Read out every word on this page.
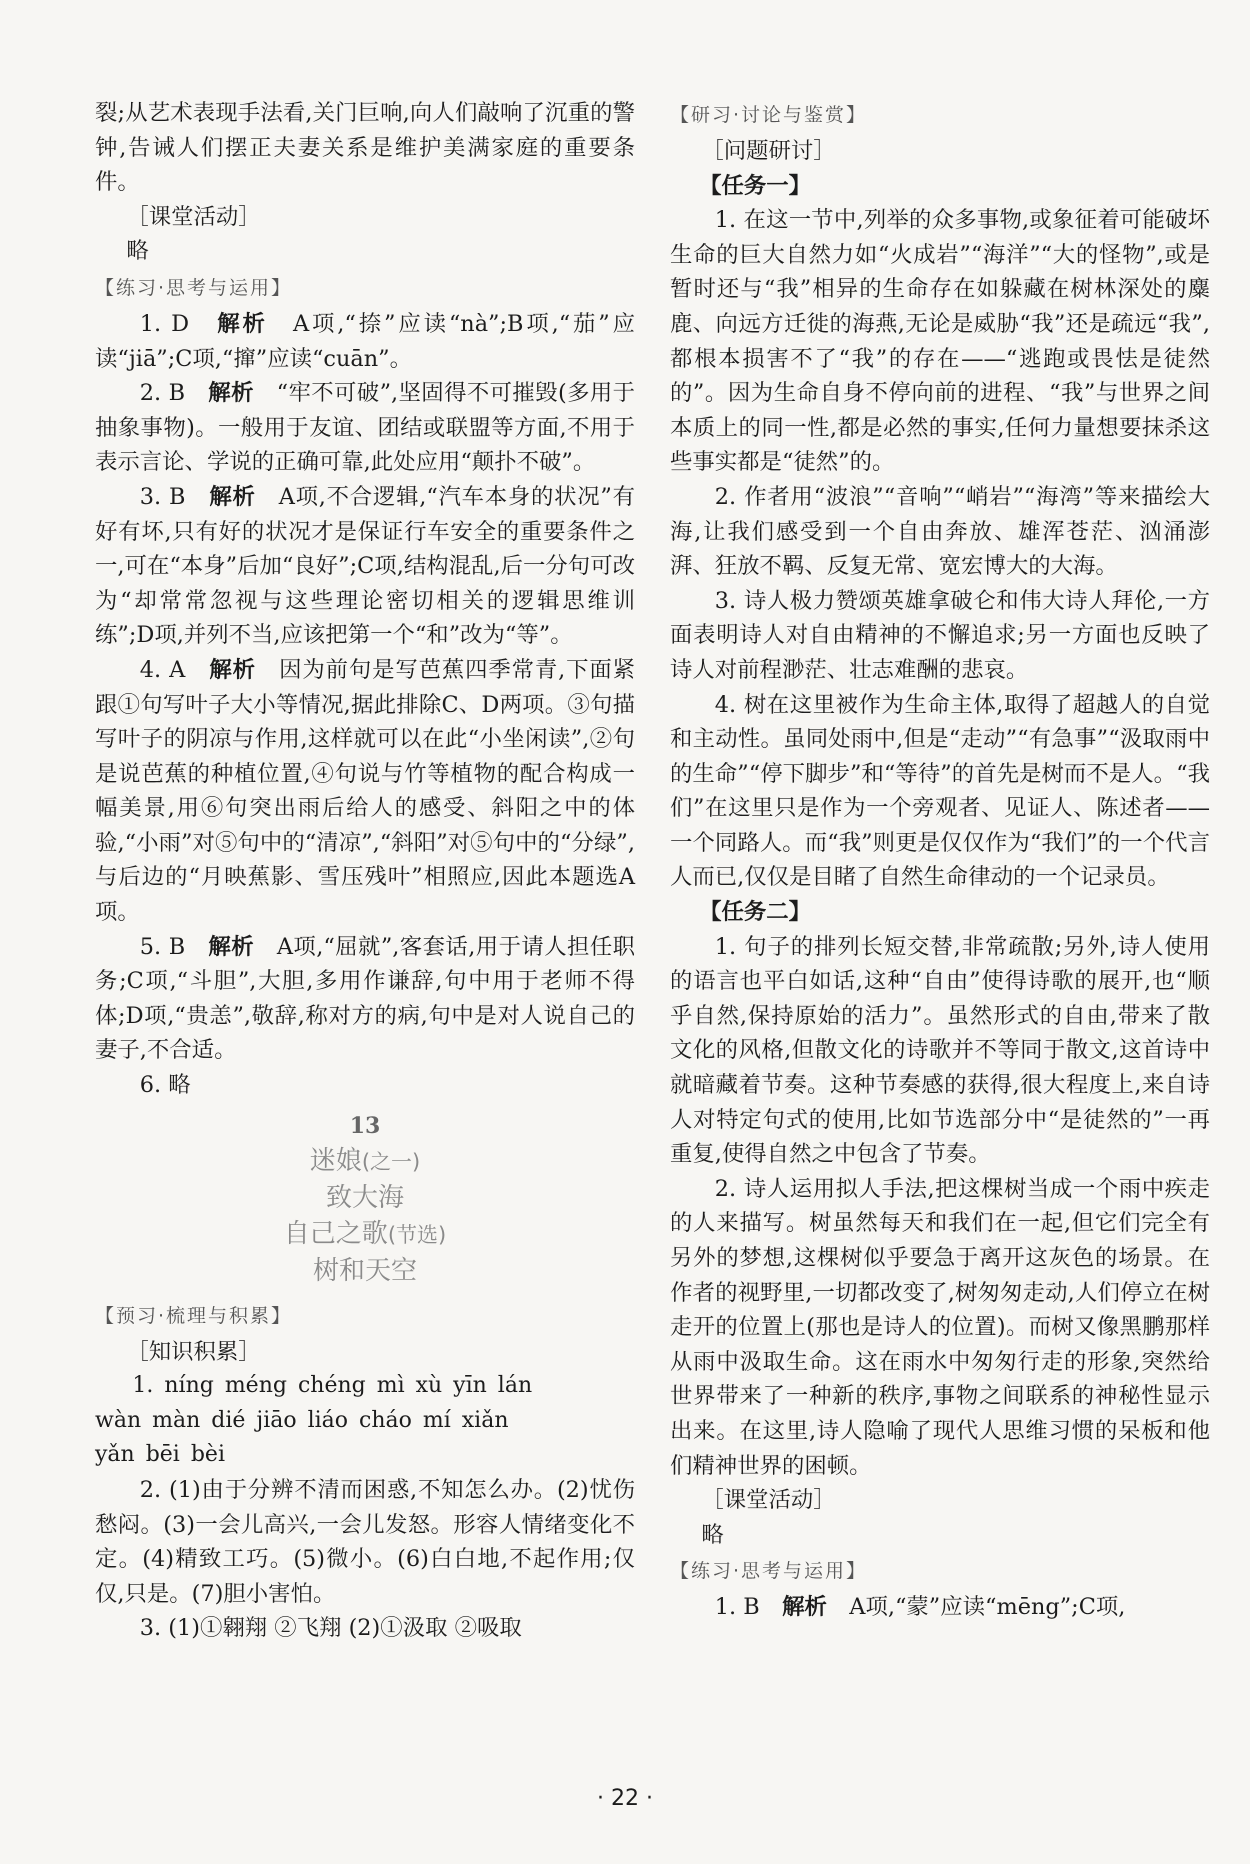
裂;从艺术表现手法看,关门巨响,向人们敲响了沉重的警钟,告诫人们摆正夫妻关系是维护美满家庭的重要条件。

［课堂活动］
略
【练习·思考与运用】

1. D　 解析　 A项,“捺”应读“nà”;B项,“茄”应读“jiā”;C项,“撺”应读“cuān”。

2. B　 解析　 “牢不可破”,坚固得不可摧毁(多用于抽象事物)。一般用于友谊、团结或联盟等方面,不用于表示言论、学说的正确可靠,此处应用“颠扑不破”。

3. B　 解析　 A项,不合逻辑,“汽车本身的状况”有好有坏,只有好的状况才是保证行车安全的重要条件之一,可在“本身”后加“良好”;C项,结构混乱,后一分句可改为“却常常忽视与这些理论密切相关的逻辑思维训练”;D项,并列不当,应该把第一个“和”改为“等”。

4. A　 解析　 因为前句是写芭蕉四季常青,下面紧跟①句写叶子大小等情况,据此排除C、D两项。③句描写叶子的阴凉与作用,这样就可以在此“小坐闲读”,②句是说芭蕉的种植位置,④句说与竹等植物的配合构成一幅美景,用⑥句突出雨后给人的感受、斜阳之中的体验,“小雨”对⑤句中的“清凉”,“斜阳”对⑤句中的“分绿”,与后边的“月映蕉影、雪压残叶”相照应,因此本题选A项。

5. B　 解析　 A项,“屈就”,客套话,用于请人担任职务;C项,“斗胆”,大胆,多用作谦辞,句中用于老师不得体;D项,“贵恙”,敬辞,称对方的病,句中是对人说自己的妻子,不合适。

6. 略

13
迷娘(之一)
致大海
自己之歌(节选)
树和天空
【预习·梳理与积累】
［知识积累］
1. níng méng chéng mì xù yīn lán
wàn màn dié jiāo liáo cháo mí xiǎn
yǎn bēi bèi

2. (1)由于分辨不清而困惑,不知怎么办。(2)忧伤愁闷。(3)一会儿高兴,一会儿发怒。形容人情绪变化不定。(4)精致工巧。(5)微小。(6)白白地,不起作用;仅仅,只是。(7)胆小害怕。

3. (1)①翱翔 ②飞翔 (2)①汲取 ②吸取

【研习·讨论与鉴赏】
［问题研讨］
【任务一】

1. 在这一节中,列举的众多事物,或象征着可能破坏生命的巨大自然力如“火成岩”“海洋”“大的怪物”,或是暂时还与“我”相异的生命存在如躲藏在树林深处的麋鹿、向远方迁徙的海燕,无论是威胁“我”还是疏远“我”,都根本损害不了“我”的存在——“逃跑或畏怯是徒然的”。因为生命自身不停向前的进程、“我”与世界之间本质上的同一性,都是必然的事实,任何力量想要抹杀这些事实都是“徒然”的。

2. 作者用“波浪”“音响”“峭岩”“海湾”等来描绘大海,让我们感受到一个自由奔放、雄浑苍茫、汹涌澎湃、狂放不羁、反复无常、宽宏博大的大海。

3. 诗人极力赞颂英雄拿破仑和伟大诗人拜伦,一方面表明诗人对自由精神的不懈追求;另一方面也反映了诗人对前程渺茫、壮志难酬的悲哀。

4. 树在这里被作为生命主体,取得了超越人的自觉和主动性。虽同处雨中,但是“走动”“有急事”“汲取雨中的生命”“停下脚步”和“等待”的首先是树而不是人。“我们”在这里只是作为一个旁观者、见证人、陈述者——一个同路人。而“我”则更是仅仅作为“我们”的一个代言人而已,仅仅是目睹了自然生命律动的一个记录员。

【任务二】

1. 句子的排列长短交替,非常疏散;另外,诗人使用的语言也平白如话,这种“自由”使得诗歌的展开,也“顺乎自然,保持原始的活力”。虽然形式的自由,带来了散文化的风格,但散文化的诗歌并不等同于散文,这首诗中就暗藏着节奏。这种节奏感的获得,很大程度上,来自诗人对特定句式的使用,比如节选部分中“是徒然的”一再重复,使得自然之中包含了节奏。

2. 诗人运用拟人手法,把这棵树当成一个雨中疾走的人来描写。树虽然每天和我们在一起,但它们完全有另外的梦想,这棵树似乎要急于离开这灰色的场景。在作者的视野里,一切都改变了,树匆匆走动,人们停立在树走开的位置上(那也是诗人的位置)。而树又像黑鹏那样从雨中汲取生命。这在雨水中匆匆行走的形象,突然给世界带来了一种新的秩序,事物之间联系的神秘性显示出来。在这里,诗人隐喻了现代人思维习惯的呆板和他们精神世界的困顿。

［课堂活动］
略
【练习·思考与运用】

1. B　 解析　 A项,“蒙”应读“mēng”;C项,

· 22 ·
